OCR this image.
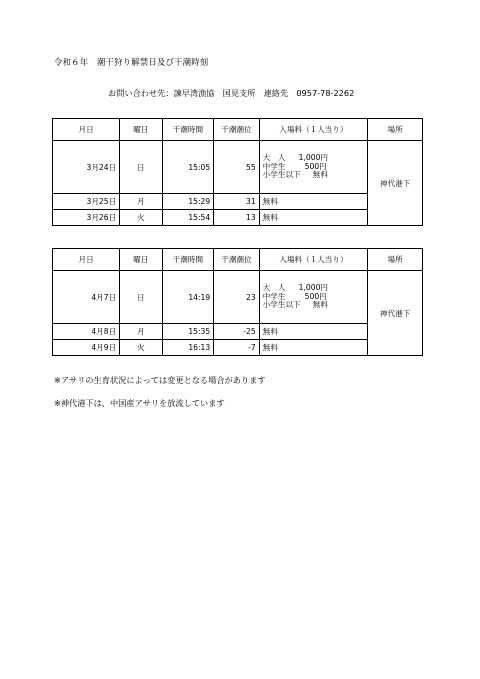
令和６年　潮干狩り解禁日及び干潮時刻
お問い合わせ先：諫早湾漁協　国見支所　連絡先　0957-78-2262
月日	曜日	干潮時間	干潮潮位	入場料（１人当り）	場所
3月24日	日	15:05	55	大　人 1,000円
中学生 500円
小学生以下 無料	神代港下
3月25日	月	15:29	31	無料	
3月26日	火	15:54	13	無料	
月日	曜日	干潮時間	干潮潮位	入場料（１人当り）	場所
4月7日	日	14:19	23	大　人 1,000円
中学生 500円
小学生以下 無料	神代港下
4月8日	月	15:35	-25	無料	
4月9日	火	16:13	-7	無料	
※アサリの生育状況によっては変更となる場合があります
※神代港下は、中国産アサリを放流しています
